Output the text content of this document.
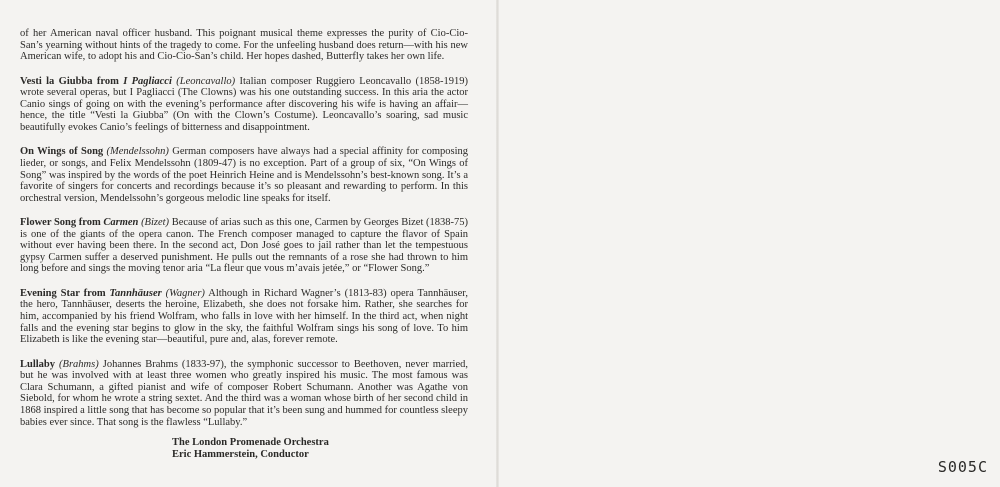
of her American naval officer husband. This poignant musical theme expresses the purity of Cio-Cio-San’s yearning without hints of the tragedy to come. For the unfeeling husband does return—with his new American wife, to adopt his and Cio-Cio-San’s child. Her hopes dashed, Butterfly takes her own life.

Vesti la Giubba from I Pagliacci (Leoncavallo) Italian composer Ruggiero Leoncavallo (1858-1919) wrote several operas, but I Pagliacci (The Clowns) was his one outstanding success. In this aria the actor Canio sings of going on with the evening’s performance after discovering his wife is having an affair—hence, the title “Vesti la Giubba” (On with the Clown’s Costume). Leoncavallo’s soaring, sad music beautifully evokes Canio’s feelings of bitterness and disappointment.

On Wings of Song (Mendelssohn) German composers have always had a special affinity for composing lieder, or songs, and Felix Mendelssohn (1809-47) is no exception. Part of a group of six, “On Wings of Song” was inspired by the words of the poet Heinrich Heine and is Mendelssohn’s best-known song. It’s a favorite of singers for concerts and recordings because it’s so pleasant and rewarding to perform. In this orchestral version, Mendelssohn’s gorgeous melodic line speaks for itself.

Flower Song from Carmen (Bizet) Because of arias such as this one, Carmen by Georges Bizet (1838-75) is one of the giants of the opera canon. The French composer managed to capture the flavor of Spain without ever having been there. In the second act, Don José goes to jail rather than let the tempestuous gypsy Carmen suffer a deserved punishment. He pulls out the remnants of a rose she had thrown to him long before and sings the moving tenor aria “La fleur que vous m’avais jetée,” or “Flower Song.”

Evening Star from Tannhäuser (Wagner) Although in Richard Wagner’s (1813-83) opera Tannhäuser, the hero, Tannhäuser, deserts the heroine, Elizabeth, she does not forsake him. Rather, she searches for him, accompanied by his friend Wolfram, who falls in love with her himself. In the third act, when night falls and the evening star begins to glow in the sky, the faithful Wolfram sings his song of love. To him Elizabeth is like the evening star—beautiful, pure and, alas, forever remote.

Lullaby (Brahms) Johannes Brahms (1833-97), the symphonic successor to Beethoven, never married, but he was involved with at least three women who greatly inspired his music. The most famous was Clara Schumann, a gifted pianist and wife of composer Robert Schumann. Another was Agathe von Siebold, for whom he wrote a string sextet. And the third was a woman whose birth of her second child in 1868 inspired a little song that has become so popular that it’s been sung and hummed for countless sleepy babies ever since. That song is the flawless “Lullaby.”

The London Promenade Orchestra
Eric Hammerstein, Conductor
S005C
